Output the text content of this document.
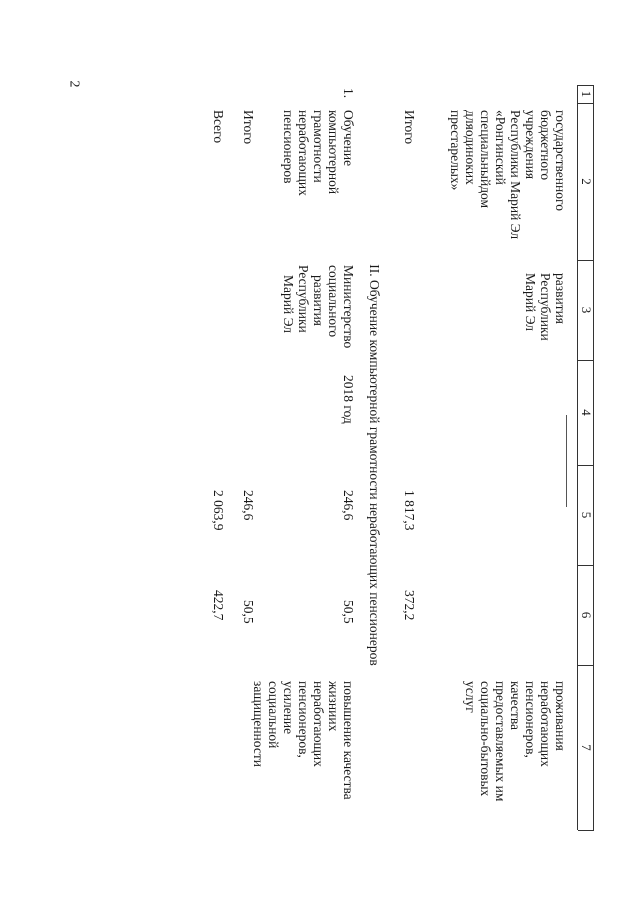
2
1
2
3
4
5
6
7
государственного
бюджетного
учреждения
Республики Марий Эл
«Ронгинский
специальныйдом
дляодиноких
престарелых»
развития
Республики
Марий Эл
проживания
неработающих
пенсионеров,
качества
предоставляемых им
социально-бытовых
услуг
Итого
1 817,3
372,2
II. Обучение компьютерной грамотности неработающих пенсионеров
1.
Обучение
компьютерной
грамотности
неработающих
пенсионеров
Министерство
социального
развития
Республики
Марий Эл
2018 год
246,6
50,5
повышение качества
жизниих
неработающих
пенсионеров,
усиление
социальной
защищенности
Итого
246,6
50,5
Всего
2 063,9
422,7
